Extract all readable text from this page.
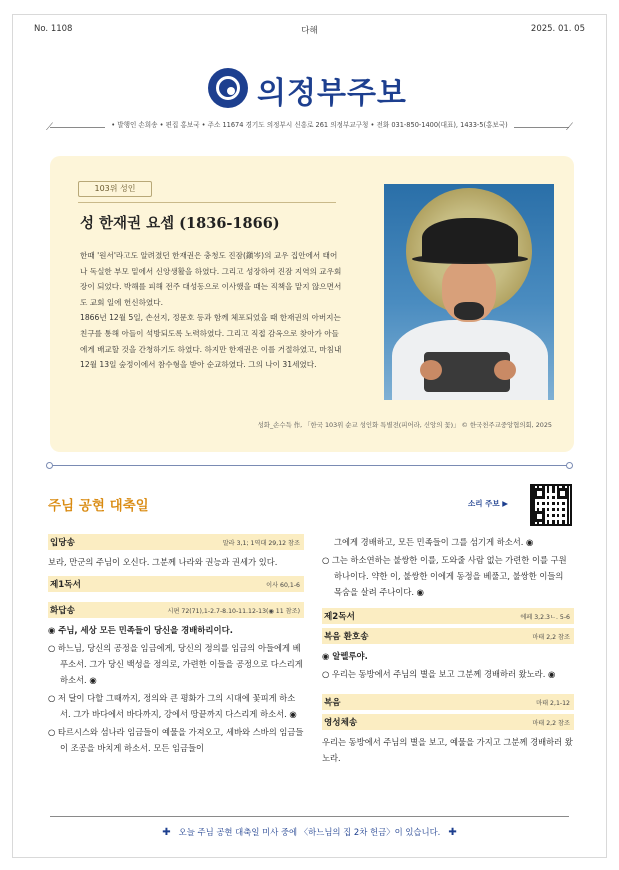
No. 1108	다해	2025. 01. 05
의정부주보
⟋	⟋
• 발행인 손희송 • 편집 홍보국 • 주소 11674 경기도 의정부시 신흥로 261 의정부교구청 • 전화 031-850-1400(대표), 1433-5(홍보국)
103위 성인
성 한재권 요셉 (1836-1866)

한때 '원서'라고도 알려졌던 한재권은 충청도 진잠(鎭岑)의 교우 집안에서 태어나 독실한 부모 밑에서 신앙생활을 하였다. 그리고 성장하여 진잠 지역의 교우회장이 되었다. 박해를 피해 전주 대성동으로 이사했을 때는 직책을 맡지 않으면서도 교회 일에 헌신하였다.

1866년 12월 5일, 손선지, 정문호 등과 함께 체포되었을 때 한재권의 아버지는 친구를 통해 아들이 석방되도록 노력하였다. 그리고 직접 감옥으로 찾아가 아들에게 배교할 것을 간청하기도 하였다. 하지만 한재권은 이를 거절하였고, 마침내 12월 13일 숲정이에서 참수형을 받아 순교하였다. 그의 나이 31세였다.

성화_손수득 作, 「한국 103위 순교 성인화 특별전(피어라, 신앙의 꽃)」 © 한국천주교중앙협의회, 2025
주님 공현 대축일	소리 주보 ▶
입당송	말라 3,1; 1역대 29,12 참조
보라, 만군의 주님이 오신다. 그분께 나라와 권능과 권세가 있다.
제1독서	이사 60,1-6
화답송	시편 72(71),1-2.7-8.10-11.12-13(◉ 11 참조)
◉ 주님, 세상 모든 민족들이 당신을 경배하리이다.
○ 하느님, 당신의 공정을 임금에게, 당신의 정의를 임금의 아들에게 베푸소서. 그가 당신 백성을 정의로, 가련한 이들을 공정으로 다스리게 하소서. ◉
○ 저 달이 다할 그때까지, 정의와 큰 평화가 그의 시대에 꽃피게 하소서. 그가 바다에서 바다까지, 강에서 땅끝까지 다스리게 하소서. ◉
○ 타르시스와 섬나라 임금들이 예물을 가져오고, 세바와 스바의 임금들이 조공을 바치게 하소서. 모든 임금들이
그에게 경배하고, 모든 민족들이 그를 섬기게 하소서. ◉
○ 그는 하소연하는 불쌍한 이를, 도와줄 사람 없는 가련한 이를 구원하나이다. 약한 이, 불쌍한 이에게 동정을 베풀고, 불쌍한 이들의 목숨을 살려 주나이다. ◉
제2독서	에페 3,2.3ㄴ. 5-6
복음 환호송	마태 2,2 참조
◉ 알렐루야.
○ 우리는 동방에서 주님의 별을 보고 그분께 경배하러 왔노라. ◉
복음	마태 2,1-12
영성체송	마태 2,2 참조
우리는 동방에서 주님의 별을 보고, 예물을 가지고 그분께 경배하러 왔노라.
✚ 오늘 주님 공현 대축일 미사 중에 〈하느님의 집 2차 헌금〉이 있습니다. ✚
